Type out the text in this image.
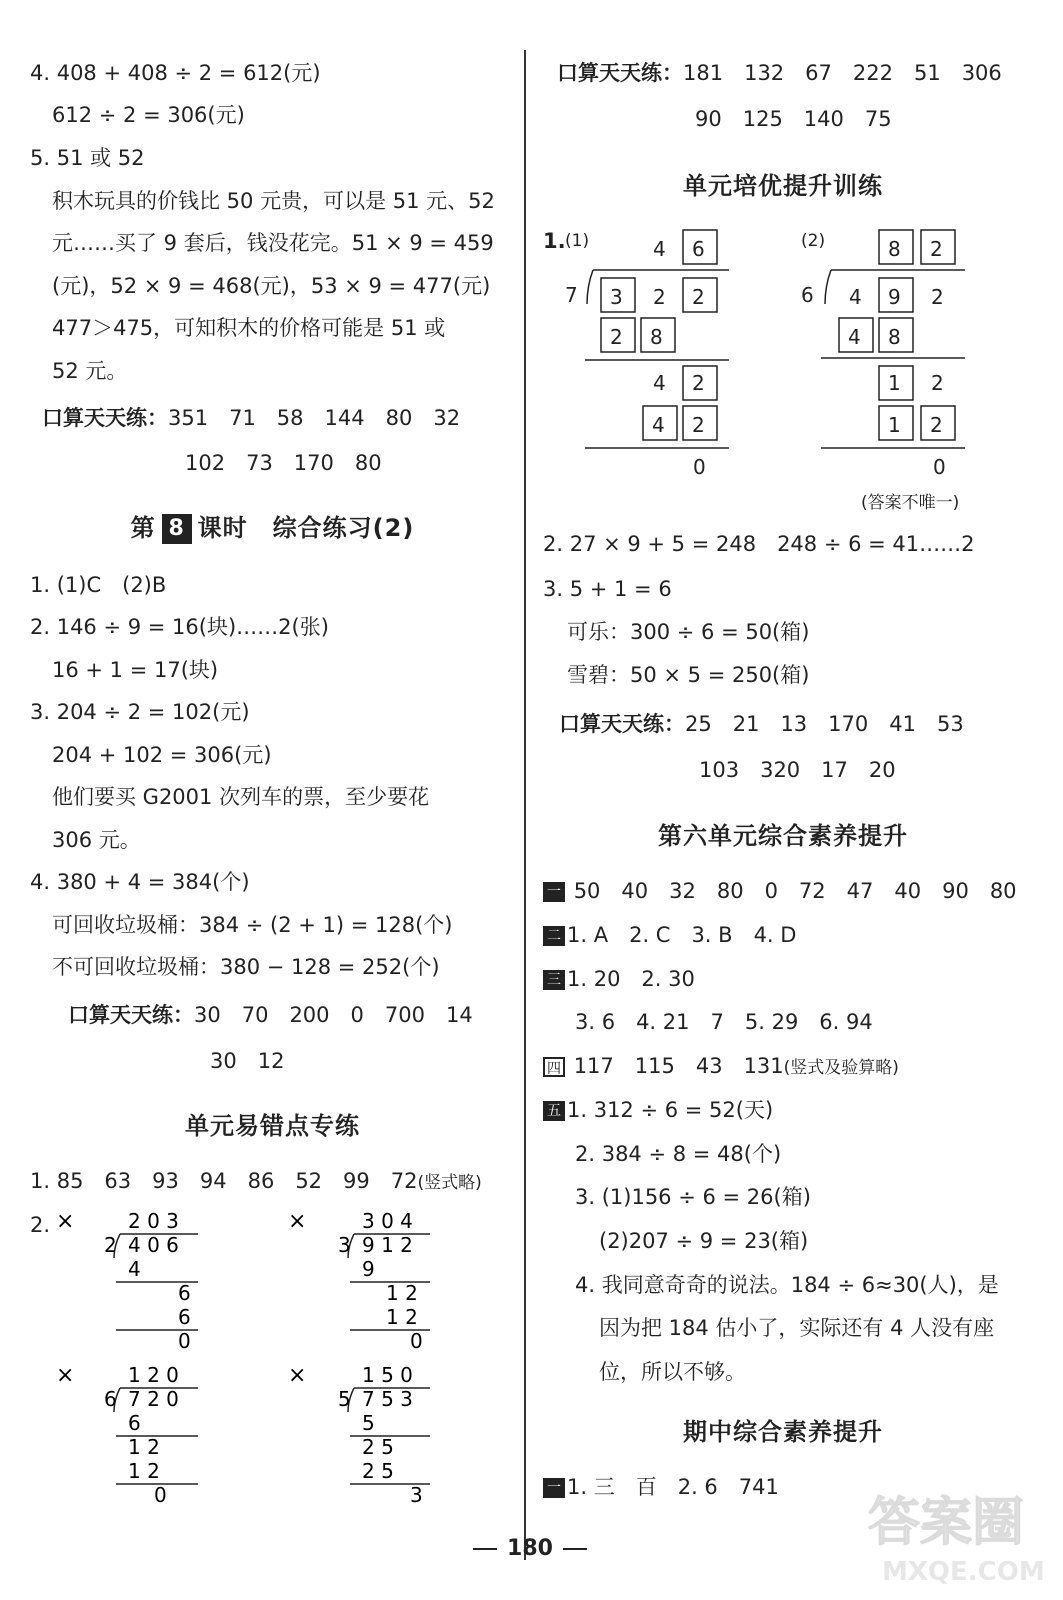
4. 408 + 408 ÷ 2 = 612(元)
612 ÷ 2 = 306(元)
5. 51 或 52
积木玩具的价钱比 50 元贵，可以是 51 元、52
元……买了 9 套后，钱没花完。51 × 9 = 459
(元)，52 × 9 = 468(元)，53 × 9 = 477(元)
477＞475，可知积木的价格可能是 51 或
52 元。
口算天天练：351　71　58　144　80　32
102　73　170　80
第 8 课时　综合练习(2)
1. (1)C　(2)B
2. 146 ÷ 9 = 16(块)……2(张)
16 + 1 = 17(块)
3. 204 ÷ 2 = 102(元)
204 + 102 = 306(元)
他们要买 G2001 次列车的票，至少要花
306 元。
4. 380 + 4 = 384(个)
可回收垃圾桶：384 ÷ (2 + 1) = 128(个)
不可回收垃圾桶：380 − 128 = 252(个)
口算天天练：30　70　200　0　700　14
30　12
单元易错点专练
1. 85　63　93　94　86　52　99　72(竖式略)
2. ×	2 0 3
2 4 0 6
4
6
6
0
×	3 0 4
3 9 1 2
9
1 2
1 2
0
×	1 2 0
6 7 2 0
6
1 2
1 2
0
×	1 5 0
5 7 5 3
5
2 5
2 5
3
口算天天练：181　132　67　222　51　306
90　125　140　75
单元培优提升训练
1. (1)	4 6
7 3 2 2
2 8
4 2
4 2
0
(2)	8 2
6 4 9 2
4 8
1 2
1 2
0
(答案不唯一)
2. 27 × 9 + 5 = 248　248 ÷ 6 = 41……2
3. 5 + 1 = 6
可乐：300 ÷ 6 = 50(箱)
雪碧：50 × 5 = 250(箱)
口算天天练：25　21　13　170　41　53
103　320　17　20
第六单元综合素养提升
一 50　40　32　80　0　72　47　40　90　80
二 1. A　2. C　3. B　4. D
三 1. 20　2. 30
3. 6　4. 21　7　5. 29　6. 94
四 117　115　43　131(竖式及验算略)
五 1. 312 ÷ 6 = 52(天)
2. 384 ÷ 8 = 48(个)
3. (1)156 ÷ 6 = 26(箱)
(2)207 ÷ 9 = 23(箱)
4. 我同意奇奇的说法。184 ÷ 6≈30(人)，是
因为把 184 估小了，实际还有 4 人没有座
位，所以不够。
期中综合素养提升
一 1. 三　百　2. 6　741
180	答案圈
MXQE.COM
